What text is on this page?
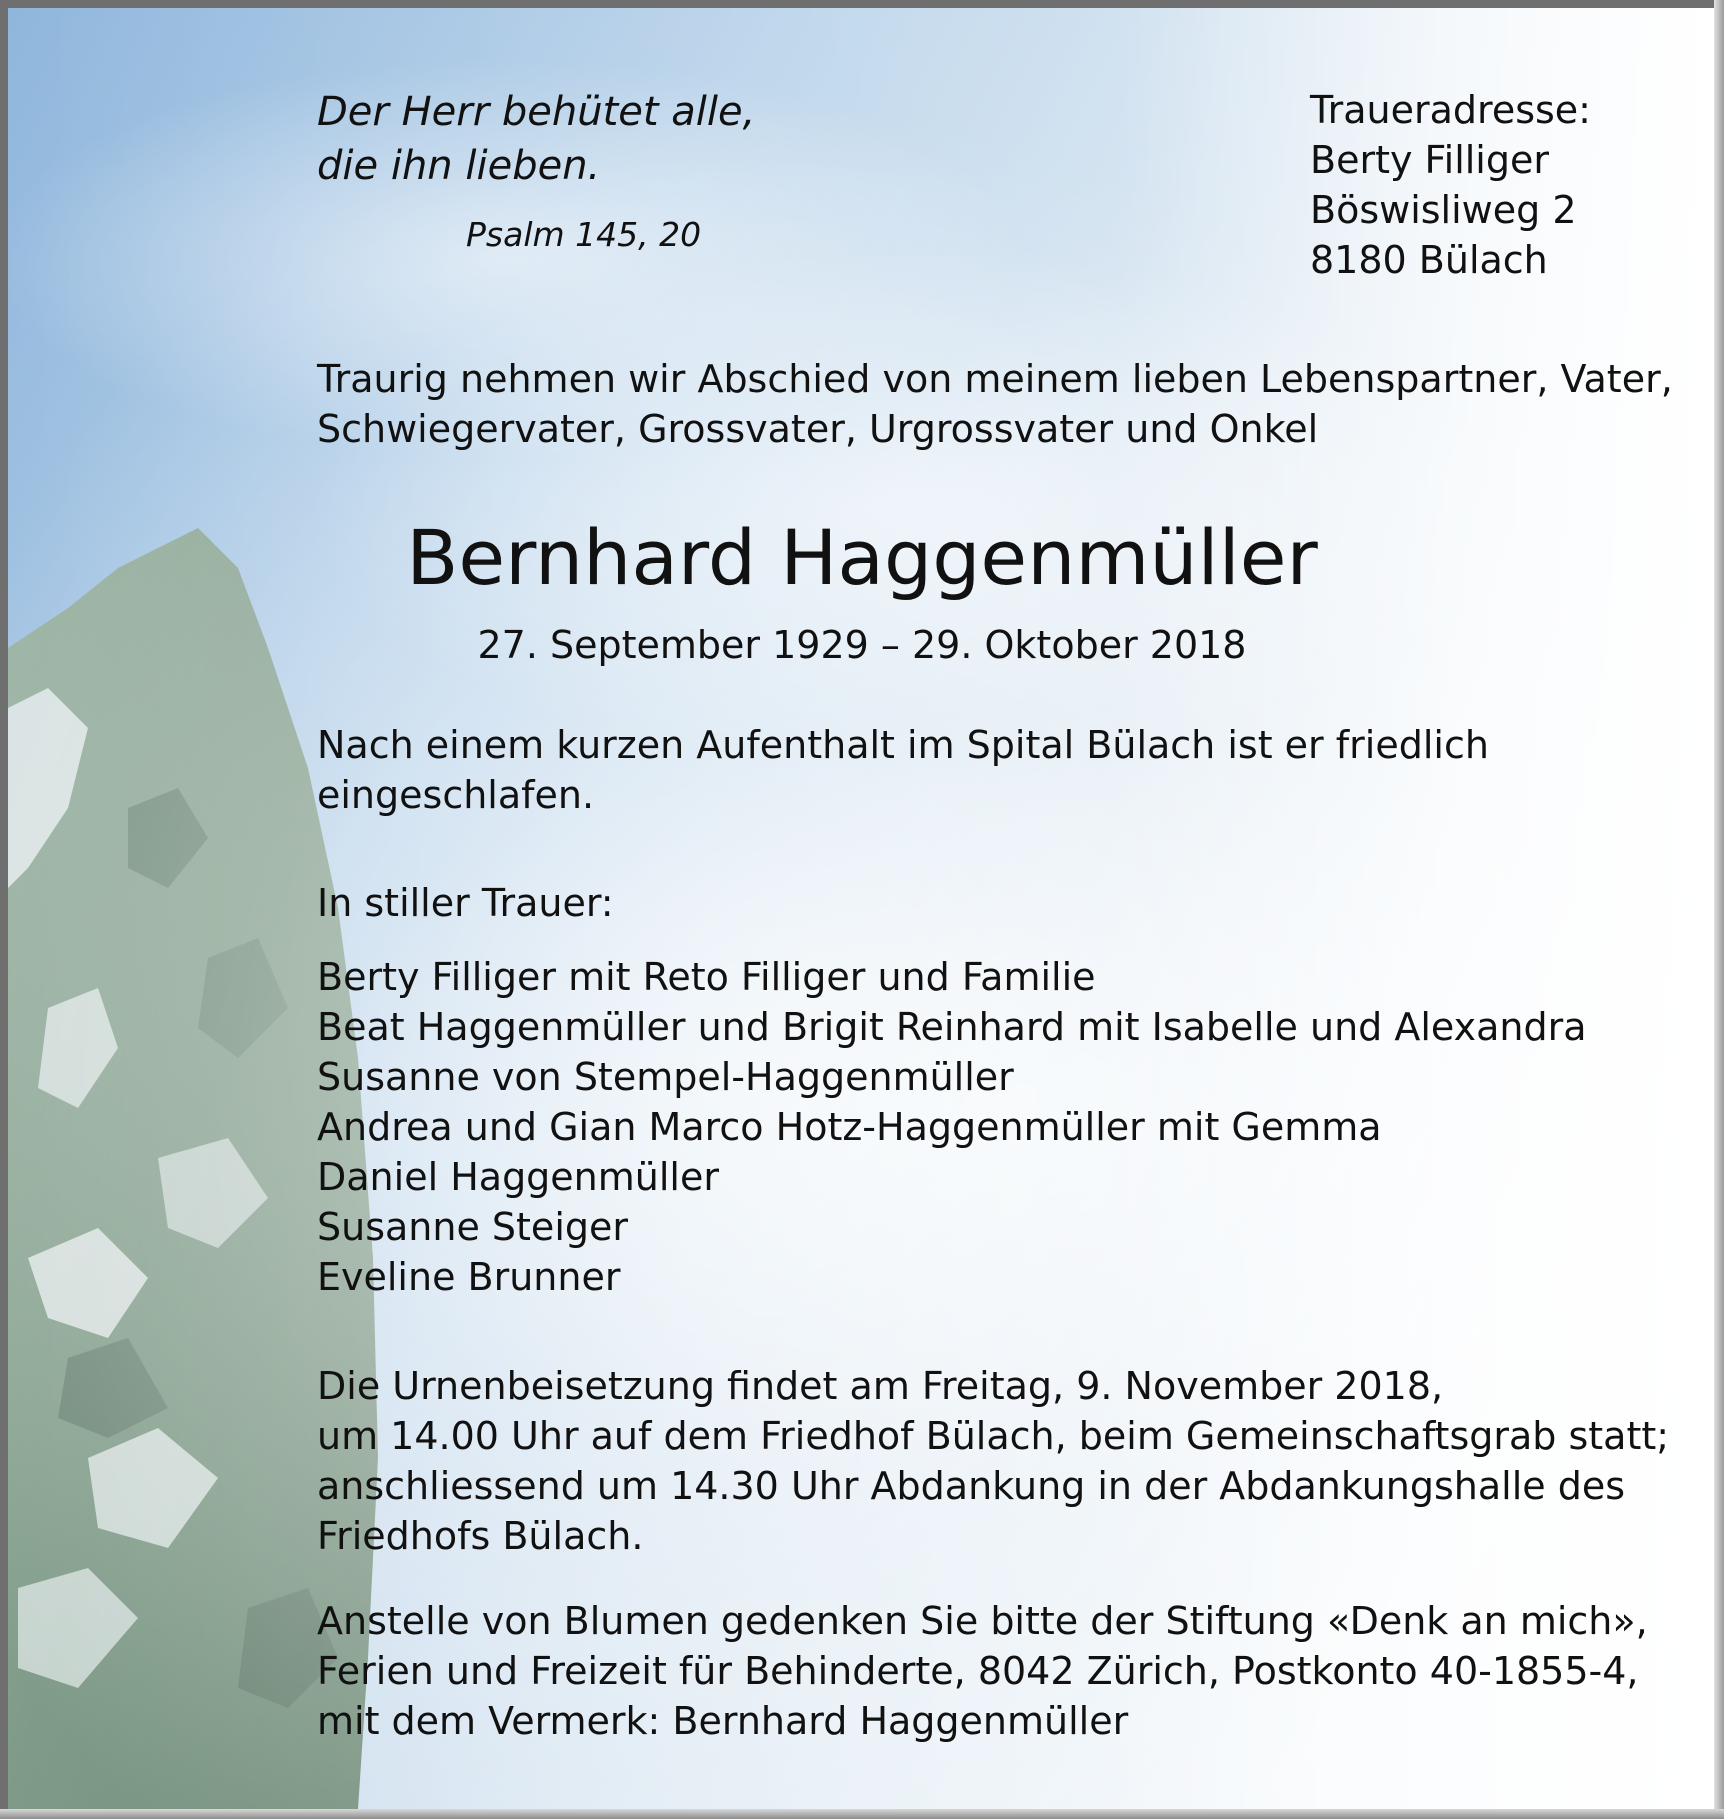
Der Herr behütet alle,
die ihn lieben.
Psalm 145, 20
Traueradresse:
Berty Filliger
Böswisliweg 2
8180 Bülach
Traurig nehmen wir Abschied von meinem lieben Lebenspartner, Vater,
Schwiegervater, Grossvater, Urgrossvater und Onkel
Bernhard Haggenmüller
27. September 1929 – 29. Oktober 2018
Nach einem kurzen Aufenthalt im Spital Bülach ist er friedlich
eingeschlafen.
In stiller Trauer:
Berty Filliger mit Reto Filliger und Familie
Beat Haggenmüller und Brigit Reinhard mit Isabelle und Alexandra
Susanne von Stempel-Haggenmüller
Andrea und Gian Marco Hotz-Haggenmüller mit Gemma
Daniel Haggenmüller
Susanne Steiger
Eveline Brunner
Die Urnenbeisetzung findet am Freitag, 9. November 2018,
um 14.00 Uhr auf dem Friedhof Bülach, beim Gemeinschaftsgrab statt;
anschliessend um 14.30 Uhr Abdankung in der Abdankungshalle des
Friedhofs Bülach.
Anstelle von Blumen gedenken Sie bitte der Stiftung «Denk an mich»,
Ferien und Freizeit für Behinderte, 8042 Zürich, Postkonto 40-1855-4,
mit dem Vermerk: Bernhard Haggenmüller
